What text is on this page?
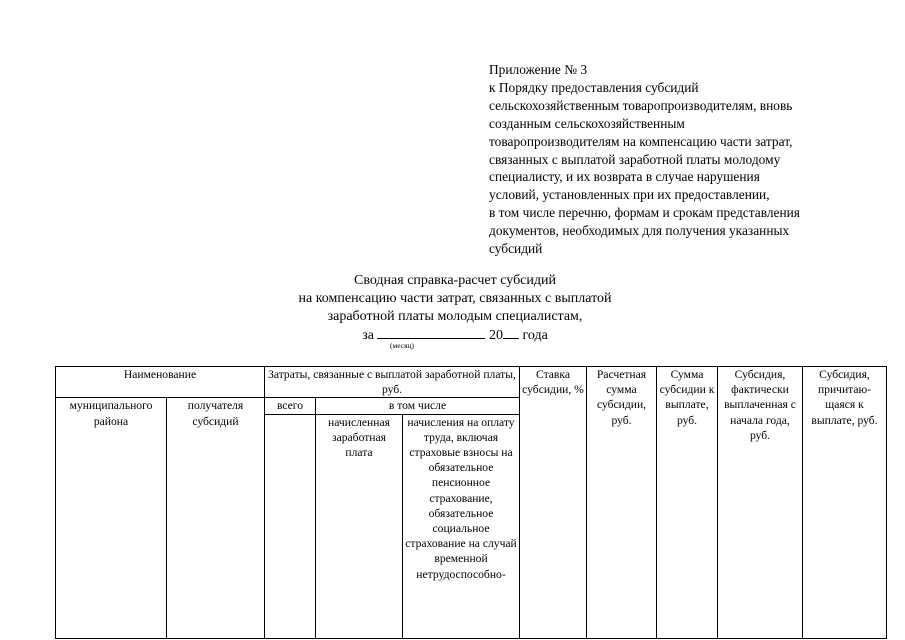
Приложение № 3
к Порядку предоставления субсидий
сельскохозяйственным товаропроизводителям, вновь
созданным сельскохозяйственным
товаропроизводителям на компенсацию части затрат,
связанных с выплатой заработной платы молодому
специалисту, и их возврата в случае нарушения
условий, установленных при их предоставлении,
в том числе перечню, формам и срокам представления
документов, необходимых для получения указанных
субсидий
Сводная справка-расчет субсидий
на компенсацию части затрат, связанных с выплатой
заработной платы молодым специалистам,
за	20 года
(месяц)
Наименование		Затраты, связанные с выплатой заработной платы, руб.			Ставка субсидии, %	Расчетная сумма субсидии, руб.	Сумма субсидии к выплате, руб.	Субсидия, фактически выплаченная с начала года, руб.	Субсидия, причитаю-щаяся к выплате, руб.
муниципального района	получателя субсидий	всего	в том числе						
			начисленная заработная плата	начисления на оплату труда, включая страховые взносы на обязательное пенсионное страхование, обязательное социальное страхование на случай временной нетрудоспособно-					
